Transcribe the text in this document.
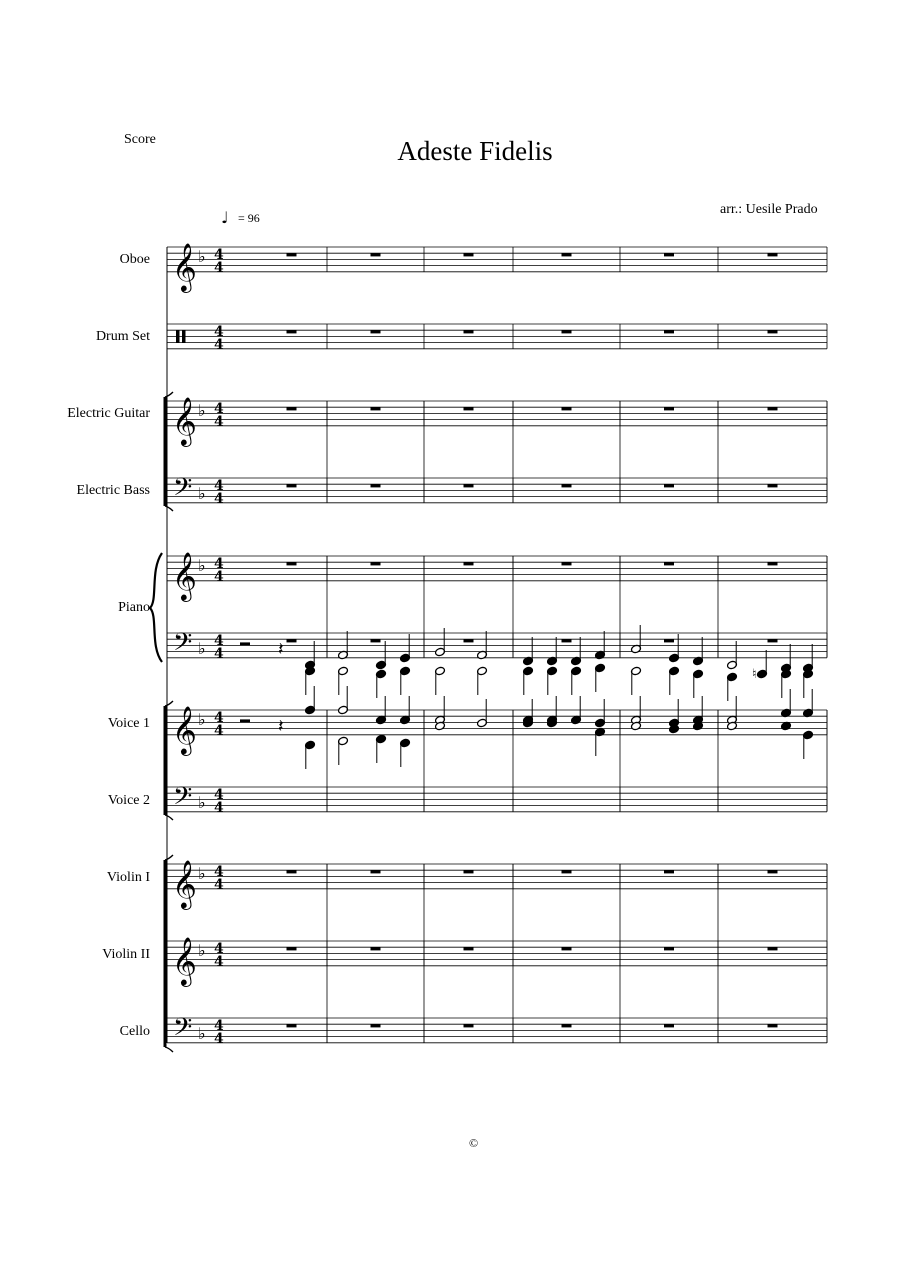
Score	Adeste Fidelis
arr.: Uesile Prado
= 96
Oboe
Drum Set
Electric Guitar
Electric Bass
Piano
Voice 1
Voice 2
Violin I
Violin II
Cello
©
𝄞 ♭ 4
4
4
4
𝄞 ♭ 4
4
𝄢 ♭ 4
4
𝄞 ♭ 4
4
𝄢 ♭ 4
4
𝄞 ♭ 4
4
𝄢 ♭ 4
4
𝄞 ♭ 4
4
𝄞 ♭ 4
4
𝄢 ♭ 4
4
𝄽
𝄽
♮
♩
